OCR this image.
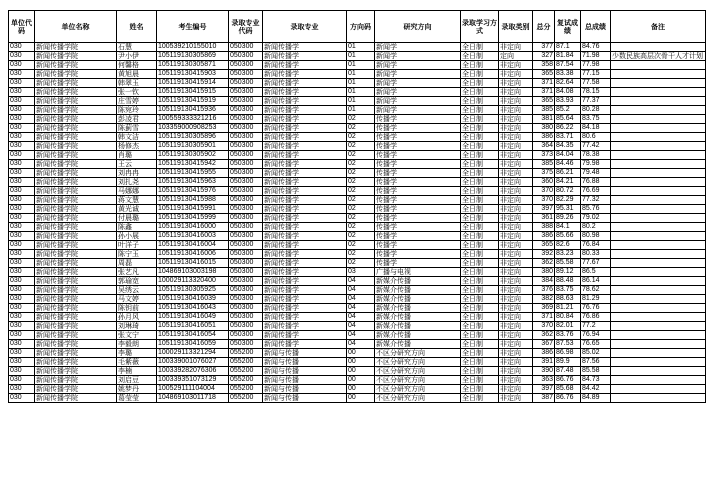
单位代码	单位名称	姓名	考生编号	录取专业代码	录取专业	方向码	研究方向	录取学习方式	录取类别	总分	复试成绩	总成绩	备注
030	新闻传播学院	石慧	100539210155010	050300	新闻传播学	01	新闻学	全日制	非定向	377	87.1	84.76	
030	新闻传播学院	尹小伊	105119130305869	050300	新闻传播学	01	新闻学	全日制	定向	327	81.84	71.98	少数民族高层次骨干人才计划
030	新闻传播学院	何馨格	105119130305871	050300	新闻传播学	01	新闻学	全日制	非定向	358	87.54	77.98	
030	新闻传播学院	黄旭晨	105119130415903	050300	新闻传播学	01	新闻学	全日制	非定向	365	83.38	77.15	
030	新闻传播学院	韩翠玉	105119130415914	050300	新闻传播学	01	新闻学	全日制	非定向	371	82.64	77.58	
030	新闻传播学院	张一钦	105119130415915	050300	新闻传播学	01	新闻学	全日制	非定向	371	84.08	78.15	
030	新闻传播学院	庄雪婷	105119130415919	050300	新闻传播学	01	新闻学	全日制	非定向	365	83.93	77.37	
030	新闻传播学院	陈宛玲	105119130415936	050300	新闻传播学	01	新闻学	全日制	非定向	385	85.2	80.28	
030	新闻传播学院	彭凌君	100559333321216	050300	新闻传播学	02	传播学	全日制	非定向	381	85.64	83.75	
030	新闻传播学院	陈蓟雪	103359000908253	050300	新闻传播学	02	传播学	全日制	非定向	380	86.22	84.18	
030	新闻传播学院	韩文洁	105119130305896	050300	新闻传播学	02	传播学	全日制	非定向	386	83.71	80.6	
030	新闻传播学院	杨修杰	105119130305901	050300	新闻传播学	02	传播学	全日制	非定向	364	84.35	77.42	
030	新闻传播学院	肖璐	105119130305902	050300	新闻传播学	02	传播学	全日制	非定向	373	84.04	78.38	
030	新闻传播学院	王云	105119130415942	050300	新闻传播学	02	传播学	全日制	非定向	385	84.46	79.98	
030	新闻传播学院	刘冉冉	105119130415955	050300	新闻传播学	02	传播学	全日制	非定向	375	86.21	79.48	
030	新闻传播学院	刘扎尧	105119130415963	050300	新闻传播学	02	传播学	全日制	非定向	360	84.21	76.88	
030	新闻传播学院	马娜娜	105119130415976	050300	新闻传播学	02	传播学	全日制	非定向	370	80.72	76.69	
030	新闻传播学院	蒋文慧	105119130415988	050300	新闻传播学	02	传播学	全日制	非定向	370	82.29	77.32	
030	新闻传播学院	黄光诚	105119130415991	050300	新闻传播学	02	传播学	全日制	非定向	397	95.31	85.76	
030	新闻传播学院	付晨璐	105119130415999	050300	新闻传播学	02	传播学	全日制	非定向	361	89.26	79.02	
030	新闻传播学院	陈鑫	105119130416000	050300	新闻传播学	02	传播学	全日制	非定向	388	84.1	80.2	
030	新闻传播学院	孙小展	105119130416003	050300	新闻传播学	02	传播学	全日制	非定向	386	85.66	80.98	
030	新闻传播学院	叶洋子	105119130416004	050300	新闻传播学	02	传播学	全日制	非定向	365	82.6	76.84	
030	新闻传播学院	陈宁玉	105119130416006	050300	新闻传播学	02	传播学	全日制	非定向	392	83.23	80.33	
030	新闻传播学院	周磊	105119130416015	050300	新闻传播学	02	传播学	全日制	非定向	362	85.58	77.67	
030	新闻传播学院	张艺凡	104869103003198	050300	新闻传播学	03	广播与电视	全日制	非定向	380	89.12	86.5	
030	新闻传播学院	郭瑜宽	100029113320400	050300	新闻传播学	04	新媒介传播	全日制	非定向	384	88.48	86.14	
030	新闻传播学院	吴绣云	105119130305925	050300	新闻传播学	04	新媒介传播	全日制	非定向	376	83.75	78.62	
030	新闻传播学院	马文婷	105119130416039	050300	新闻传播学	04	新媒介传播	全日制	非定向	382	88.63	81.29	
030	新闻传播学院	陈钥前	105119130416043	050300	新闻传播学	04	新媒介传播	全日制	非定向	369	81.21	76.76	
030	新闻传播学院	孙月风	105119130416049	050300	新闻传播学	04	新媒介传播	全日制	非定向	371	80.84	76.86	
030	新闻传播学院	刘琳琦	105119130416051	050300	新闻传播学	04	新媒介传播	全日制	非定向	370	82.01	77.2	
030	新闻传播学院	张文宁	105119130416054	050300	新闻传播学	04	新媒介传播	全日制	非定向	362	83.76	76.94	
030	新闻传播学院	李毅朗	105119130416059	050300	新闻传播学	04	新媒介传播	全日制	非定向	367	87.53	76.65	
030	新闻传播学院	李璐	100029113321294	055200	新闻与传播	00	不区分研究方向	全日制	非定向	386	86.98	85.02	
030	新闻传播学院	毛紫薇	100339001076027	055200	新闻与传播	00	不区分研究方向	全日制	非定向	391	89.9	87.56	
030	新闻传播学院	李楠	100339282076306	055200	新闻与传播	00	不区分研究方向	全日制	非定向	390	87.48	85.58	
030	新闻传播学院	刘启豆	100339351073129	055200	新闻与传播	00	不区分研究方向	全日制	非定向	363	86.76	84.73	
030	新闻传播学院	姚梦丹	100529111104004	055200	新闻与传播	00	不区分研究方向	全日制	非定向	397	85.68	84.42	
030	新闻传播学院	葛莹莹	104869103011718	055200	新闻与传播	00	不区分研究方向	全日制	非定向	387	86.76	84.89	
